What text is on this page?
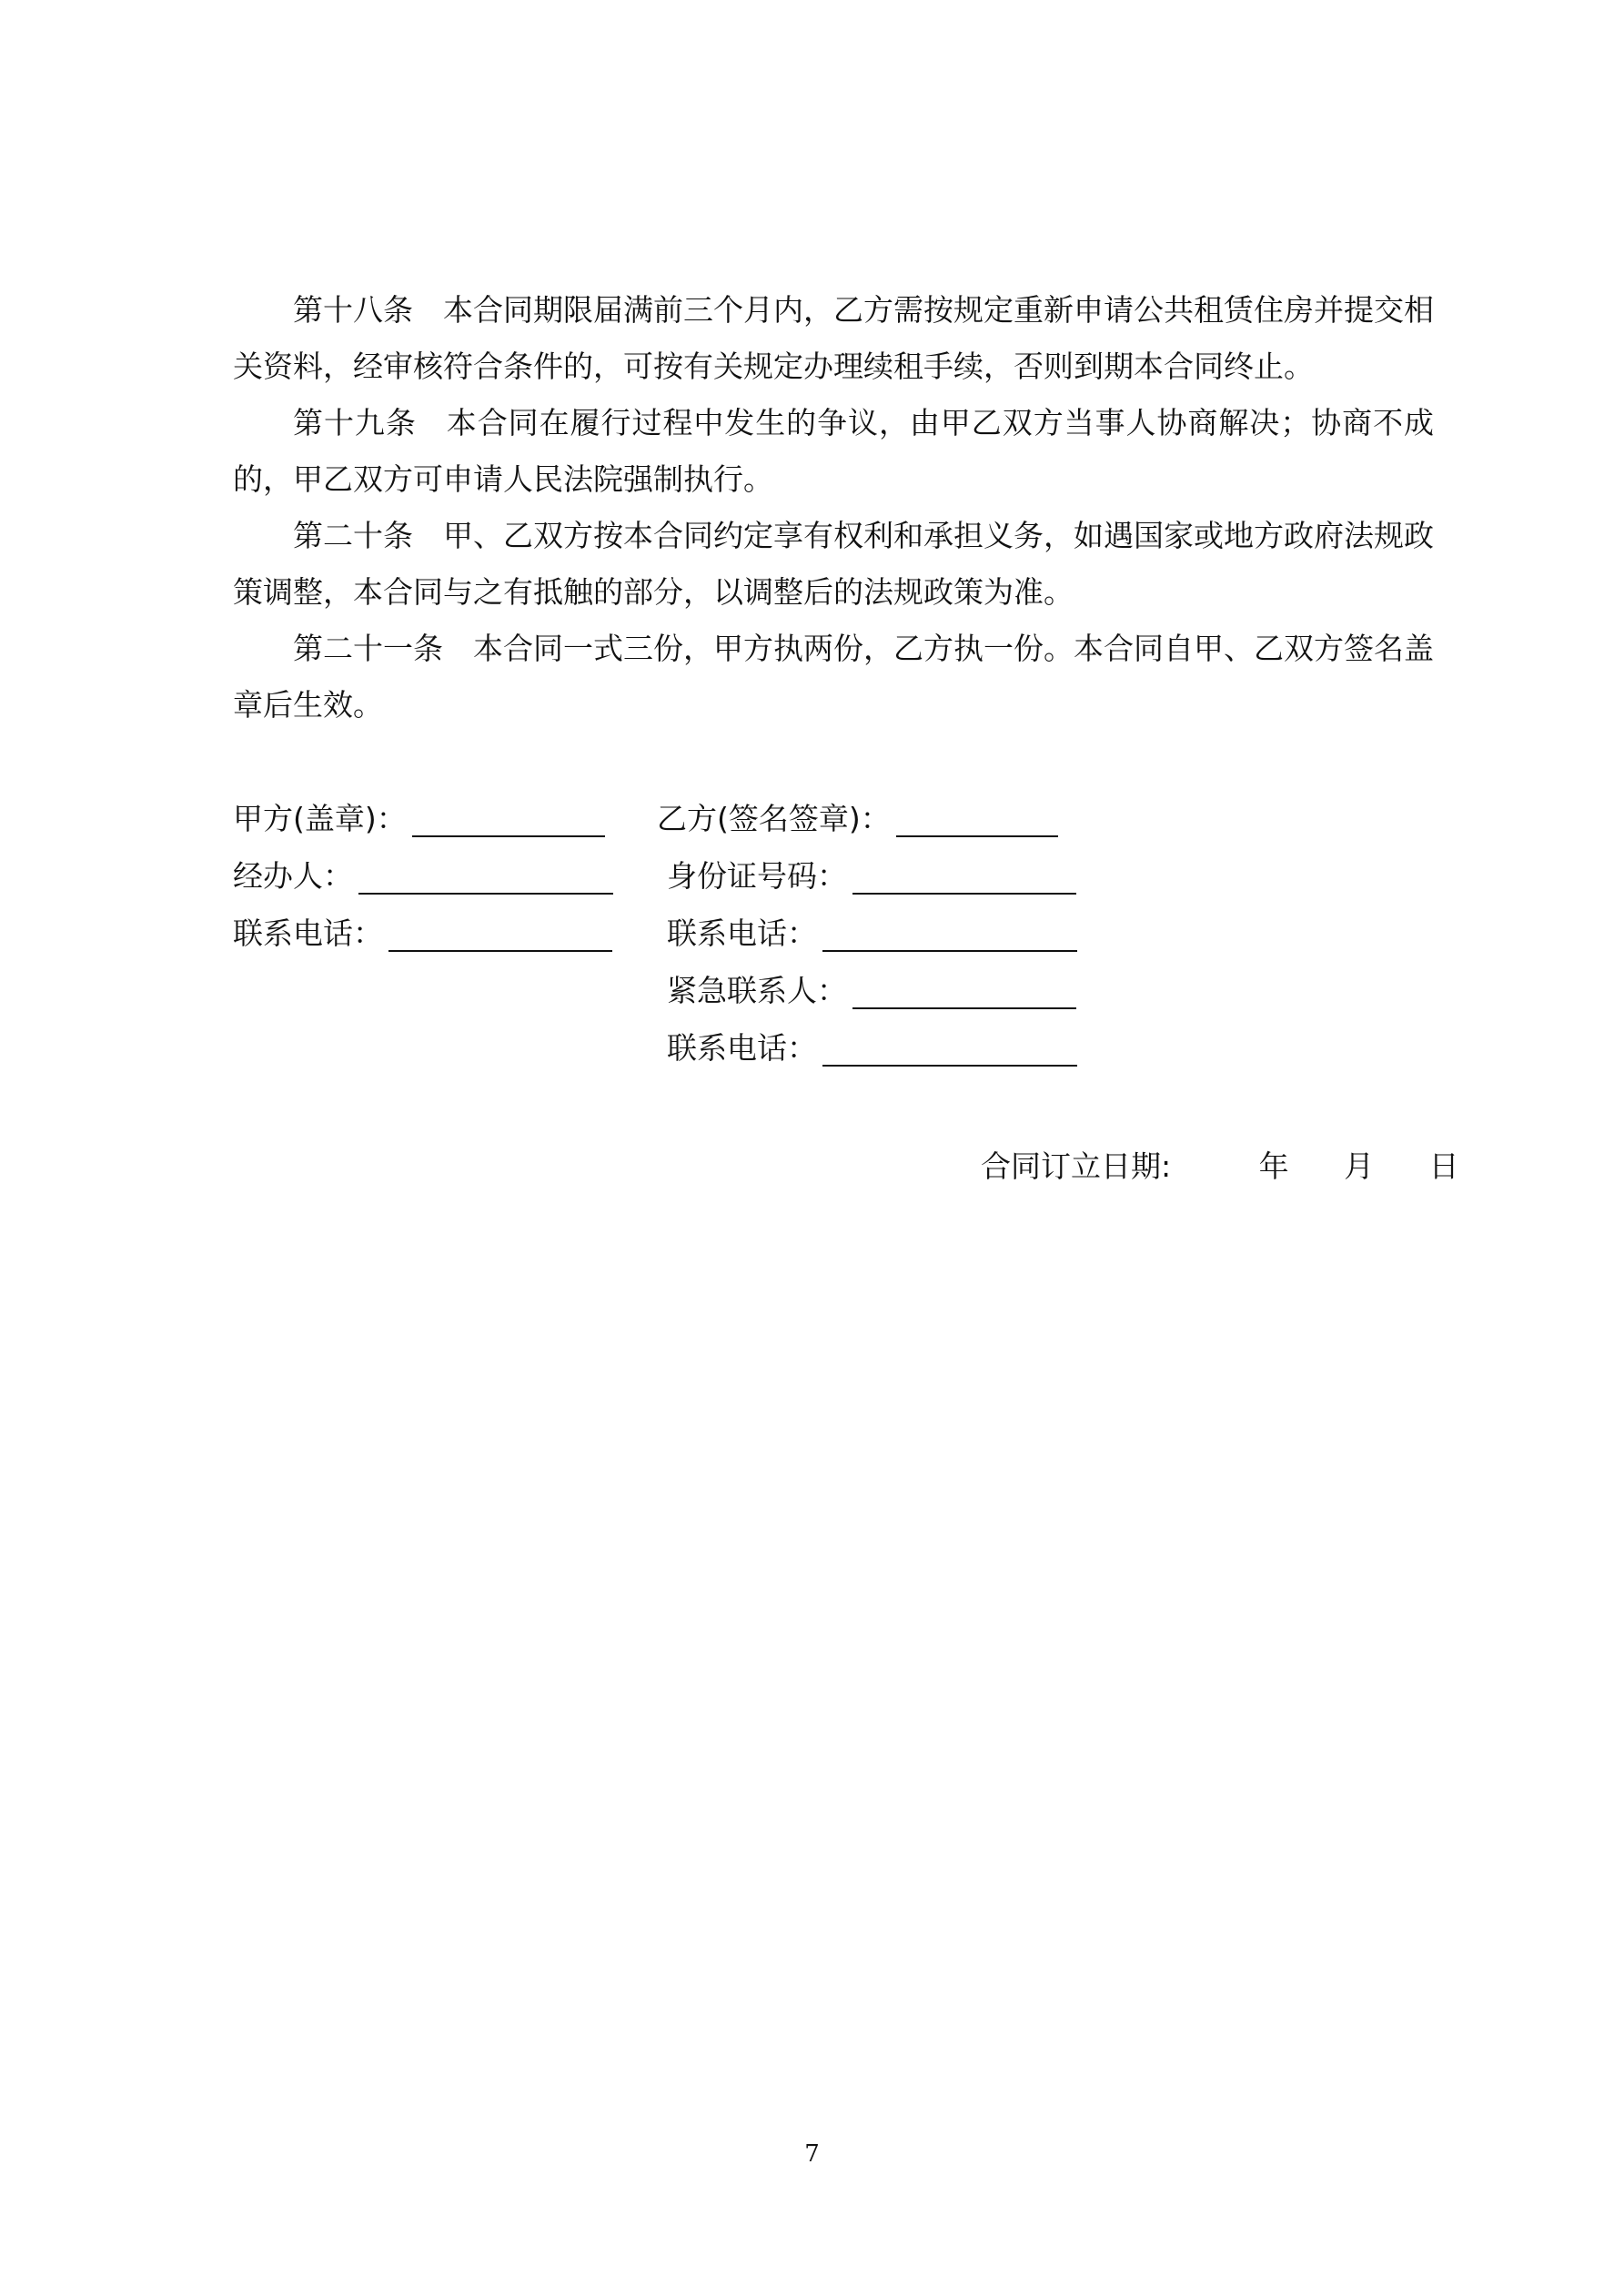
第十八条 本合同期限届满前三个月内，乙方需按规定重新申请公共租赁住房并提交相关资料，经审核符合条件的，可按有关规定办理续租手续，否则到期本合同终止。

第十九条 本合同在履行过程中发生的争议，由甲乙双方当事人协商解决；协商不成的，甲乙双方可申请人民法院强制执行。

第二十条 甲、乙双方按本合同约定享有权利和承担义务，如遇国家或地方政府法规政策调整，本合同与之有抵触的部分，以调整后的法规政策为准。

第二十一条 本合同一式三份，甲方执两份，乙方执一份。本合同自甲、乙双方签名盖章后生效。

甲方(盖章)：
经办人：
联系电话：
乙方(签名签章)：
身份证号码：
联系电话：
紧急联系人：
联系电话：
合同订立日期:	年 月 日
7
